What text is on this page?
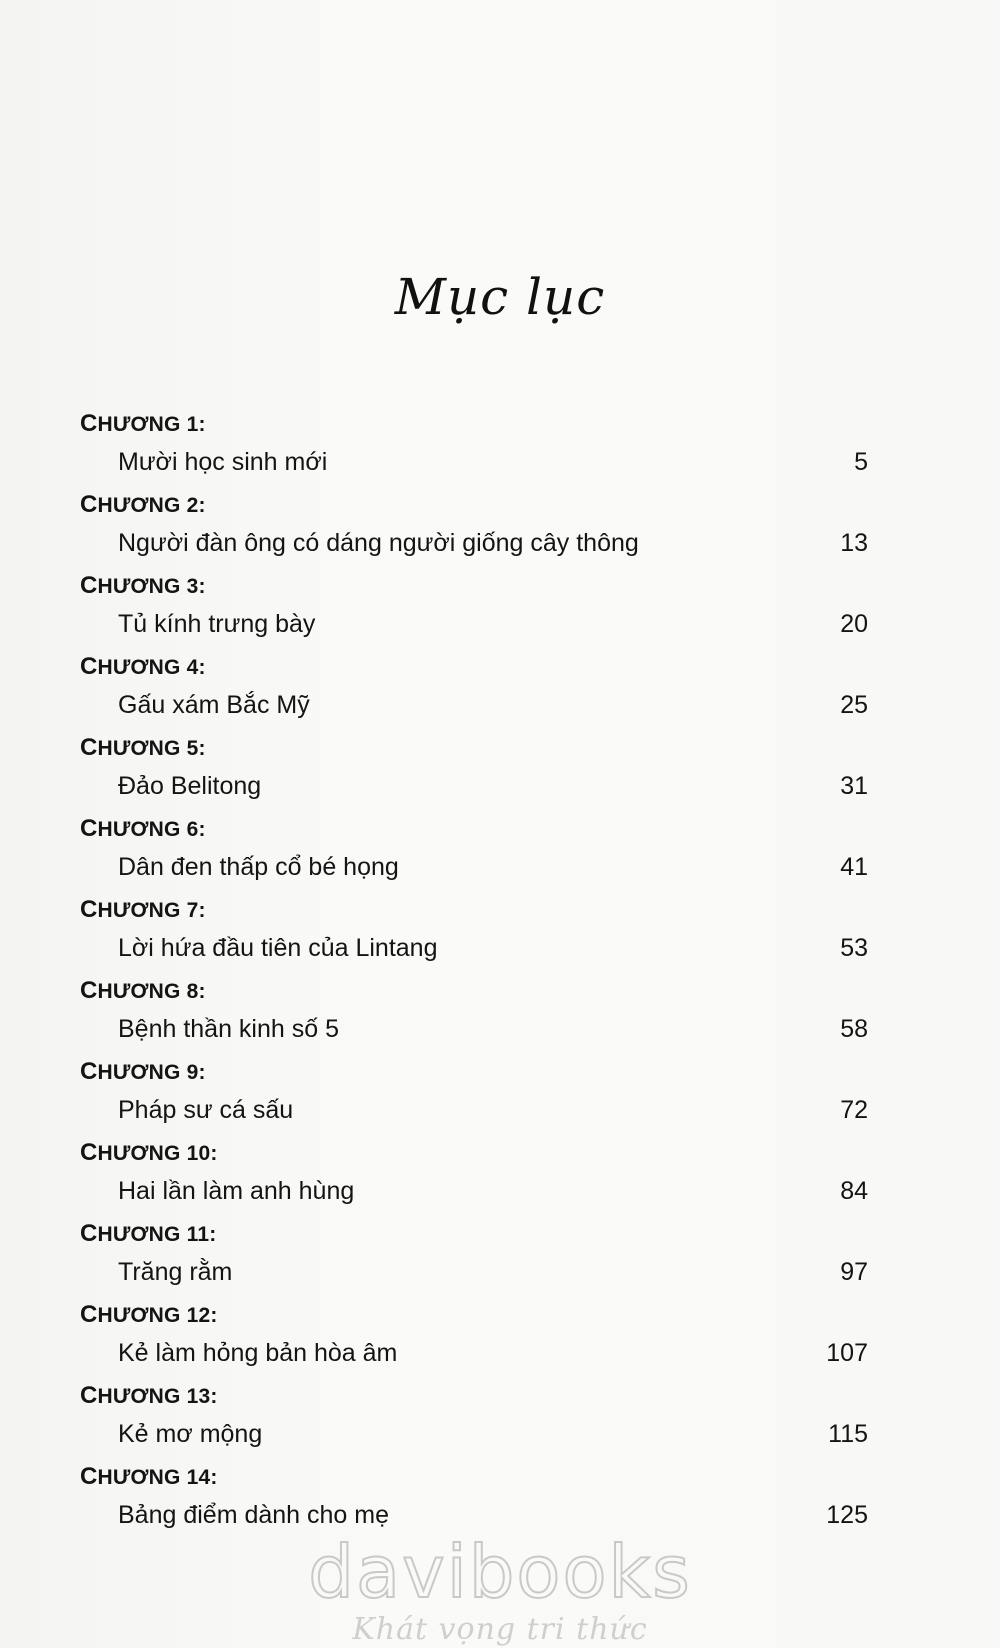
Mục lục
CHƯƠNG 1:
Mười học sinh mới	5
CHƯƠNG 2:
Người đàn ông có dáng người giống cây thông	13
CHƯƠNG 3:
Tủ kính trưng bày	20
CHƯƠNG 4:
Gấu xám Bắc Mỹ	25
CHƯƠNG 5:
Đảo Belitong	31
CHƯƠNG 6:
Dân đen thấp cổ bé họng	41
CHƯƠNG 7:
Lời hứa đầu tiên của Lintang	53
CHƯƠNG 8:
Bệnh thần kinh số 5	58
CHƯƠNG 9:
Pháp sư cá sấu	72
CHƯƠNG 10:
Hai lần làm anh hùng	84
CHƯƠNG 11:
Trăng rằm	97
CHƯƠNG 12:
Kẻ làm hỏng bản hòa âm	107
CHƯƠNG 13:
Kẻ mơ mộng	115
CHƯƠNG 14:
Bảng điểm dành cho mẹ	125
davibooks
Khát vọng tri thức
